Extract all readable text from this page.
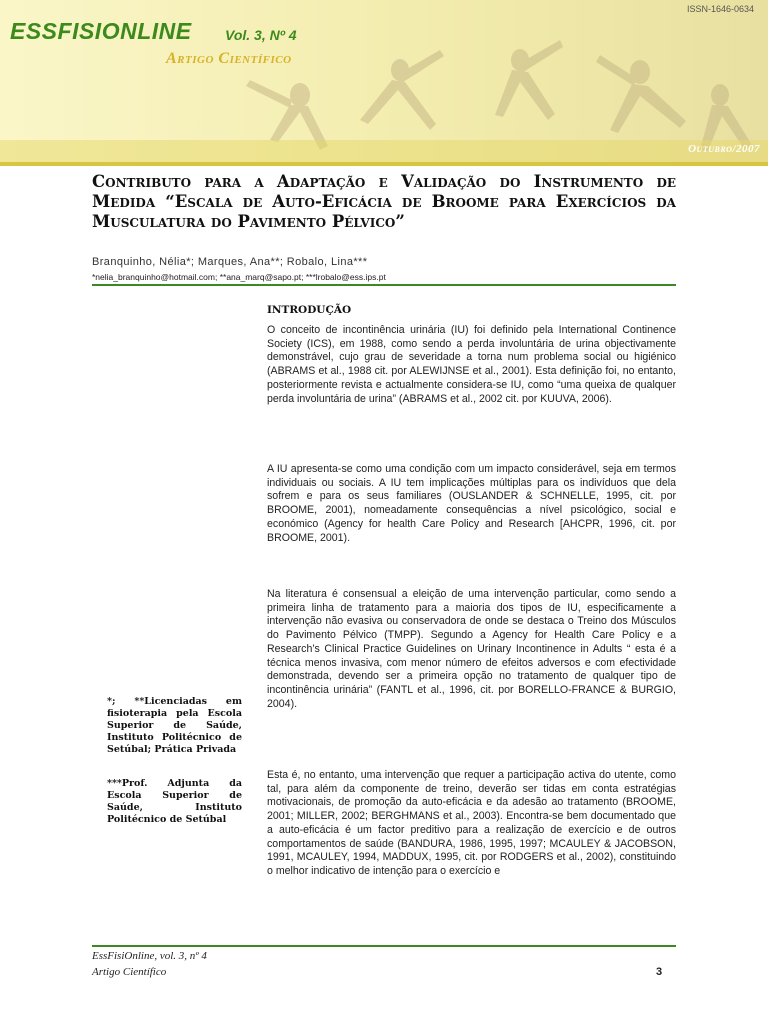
ESSFISIONLINE Vol. 3, Nº 4
Artigo Científico
ISSN-1646-0634
Outubro/2007
Contributo para a Adaptação e Validação do Instrumento de Medida “Escala de Auto-Eficácia de Broome para Exercícios da Musculatura do Pavimento Pélvico”
Branquinho, Nélia*; Marques, Ana**; Robalo, Lina***
*nelia_branquinho@hotmail.com; **ana_marq@sapo.pt; ***lrobalo@ess.ips.pt
INTRODUÇÃO
O conceito de incontinência urinária (IU) foi definido pela International Continence Society (ICS), em 1988, como sendo a perda involuntária de urina objectivamente demonstrável, cujo grau de severidade a torna num problema social ou higiénico (ABRAMS et al., 1988 cit. por ALEWIJNSE et al., 2001). Esta definição foi, no entanto, posteriormente revista e actualmente considera-se IU, como “uma queixa de qualquer perda involuntária de urina” (ABRAMS et al., 2002 cit. por KUUVA, 2006).
A IU apresenta-se como uma condição com um impacto considerável, seja em termos individuais ou sociais. A IU tem implicações múltiplas para os indivíduos que dela sofrem e para os seus familiares (OUSLANDER & SCHNELLE, 1995, cit. por BROOME, 2001), nomeadamente consequências a nível psicológico, social e económico (Agency for health Care Policy and Research [AHCPR, 1996, cit. por BROOME, 2001).
Na literatura é consensual a eleição de uma intervenção particular, como sendo a primeira linha de tratamento para a maioria dos tipos de IU, especificamente a intervenção não evasiva ou conservadora de onde se destaca o Treino dos Músculos do Pavimento Pélvico (TMPP). Segundo a Agency for Health Care Policy e a Research’s Clinical Practice Guidelines on Urinary Incontinence in Adults “ esta é a técnica menos invasiva, com menor número de efeitos adversos e com efectividade demonstrada, devendo ser a primeira opção no tratamento de qualquer tipo de incontinência urinária” (FANTL et al., 1996, cit. por BORELLO-FRANCE & BURGIO, 2004).
Esta é, no entanto, uma intervenção que requer a participação activa do utente, como tal, para além da componente de treino, deverão ser tidas em conta estratégias motivacionais, de promoção da auto-eficácia e da adesão ao tratamento (BROOME, 2001; MILLER, 2002; BERGHMANS et al., 2003). Encontra-se bem documentado que a auto-eficácia é um factor preditivo para a realização de exercício e de outros comportamentos de saúde (BANDURA, 1986, 1995, 1997; MCAULEY & JACOBSON, 1991, MCAULEY, 1994, MADDUX, 1995, cit. por RODGERS et al., 2002), constituindo o melhor indicativo de intenção para o exercício e
*; **Licenciadas em fisioterapia pela Escola Superior de Saúde, Instituto Politécnico de Setúbal; Prática Privada
***Prof. Adjunta da Escola Superior de Saúde, Instituto Politécnico de Setúbal
EssFisiOnline, vol. 3, nº 4
Artigo Científico	3
